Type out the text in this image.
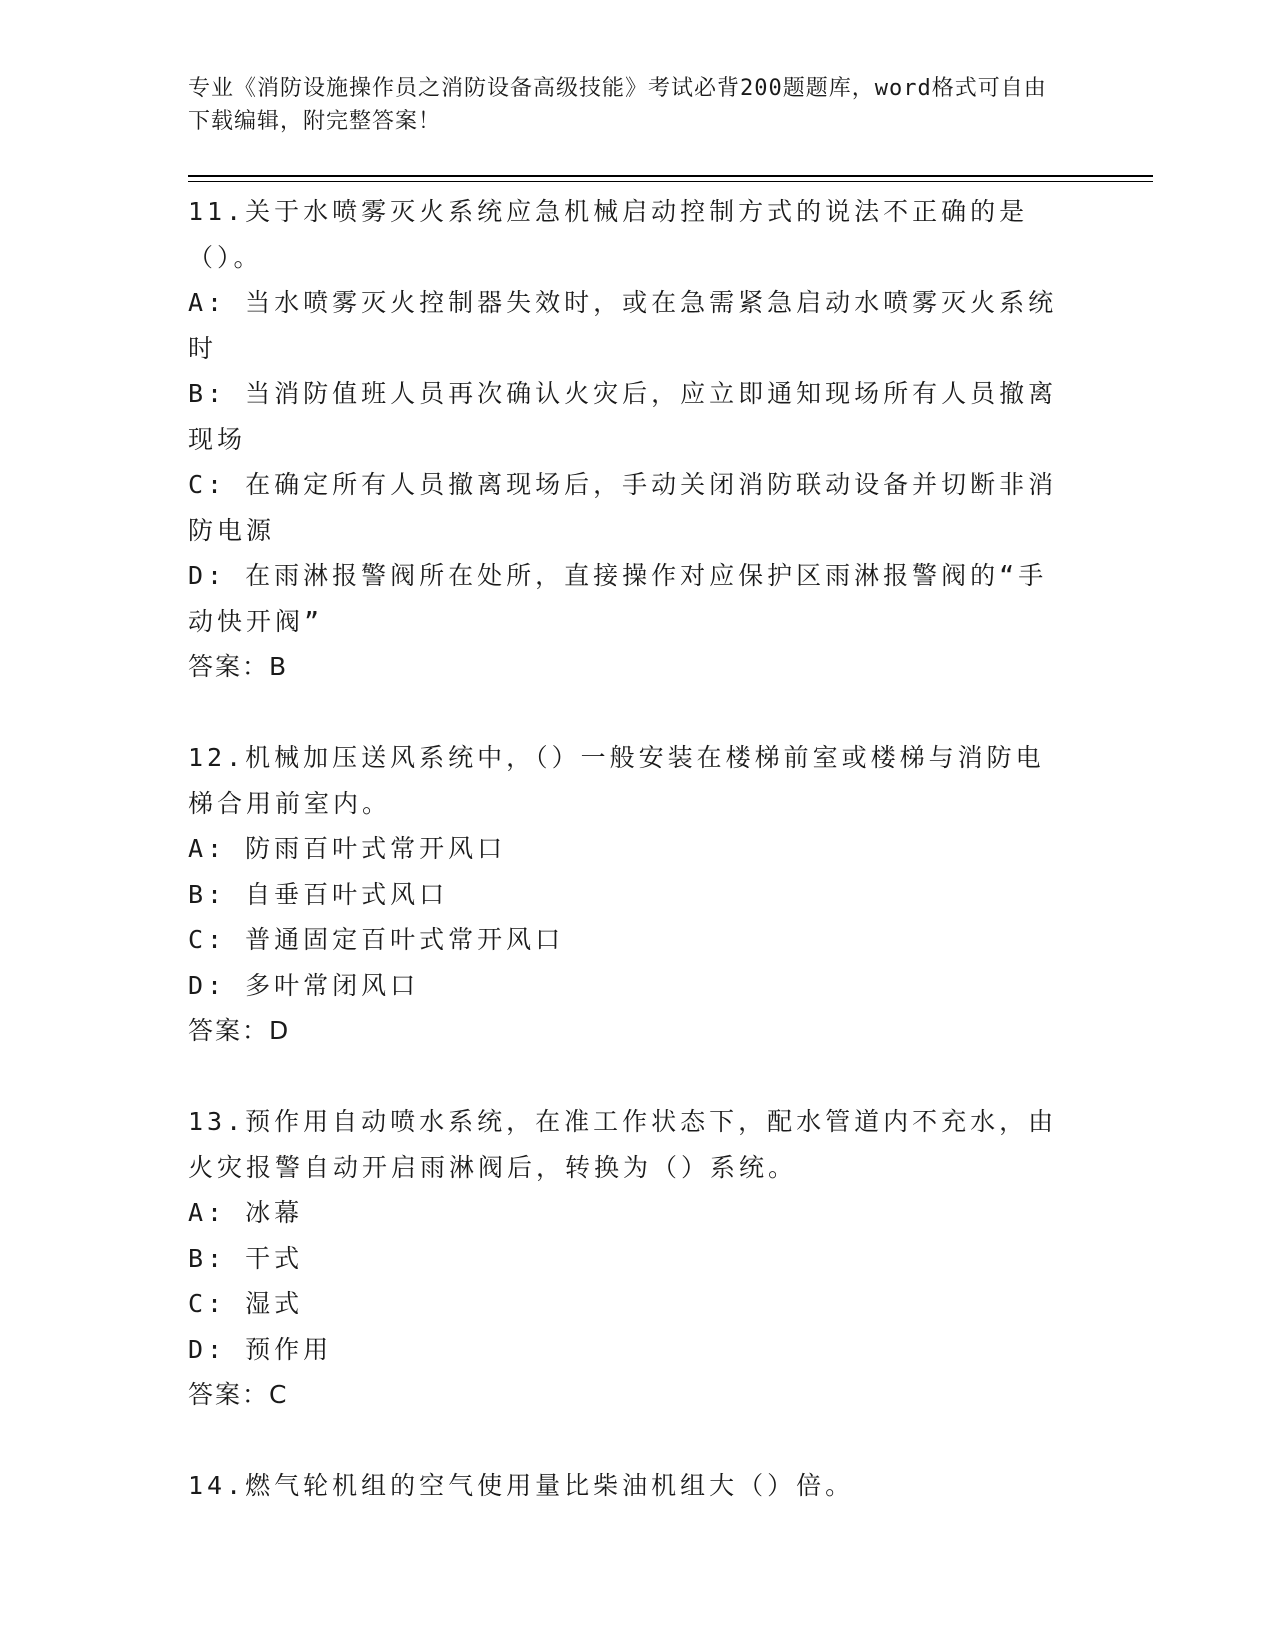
专业《消防设施操作员之消防设备高级技能》考试必背200题题库，word格式可自由下载编辑，附完整答案！

11.关于水喷雾灭火系统应急机械启动控制方式的说法不正确的是（）。

A: 当水喷雾灭火控制器失效时，或在急需紧急启动水喷雾灭火系统时

B: 当消防值班人员再次确认火灾后，应立即通知现场所有人员撤离现场

C: 在确定所有人员撤离现场后，手动关闭消防联动设备并切断非消防电源

D: 在雨淋报警阀所在处所，直接操作对应保护区雨淋报警阀的“手动快开阀”

答案：B

12.机械加压送风系统中，（）一般安装在楼梯前室或楼梯与消防电梯合用前室内。

A: 防雨百叶式常开风口

B: 自垂百叶式风口

C: 普通固定百叶式常开风口

D: 多叶常闭风口

答案：D

13.预作用自动喷水系统，在准工作状态下，配水管道内不充水，由火灾报警自动开启雨淋阀后，转换为（）系统。

A: 冰幕

B: 干式

C: 湿式

D: 预作用

答案：C

14.燃气轮机组的空气使用量比柴油机组大（）倍。
